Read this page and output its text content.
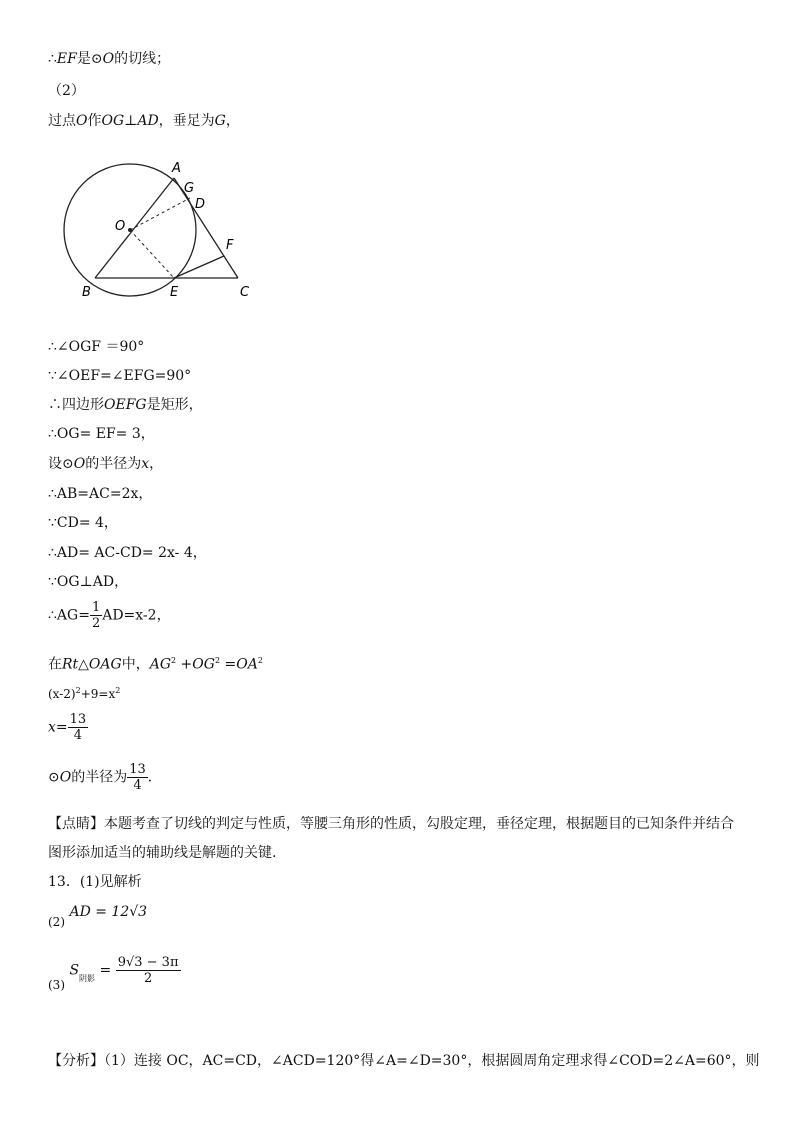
∴EF是⊙O的切线；
（2）
过点O作OG⊥AD，垂足为G，
A
G
D
O
F
B	E	C
∴∠OGF ＝90°
∵∠OEF=∠EFG=90°
∴四边形OEFG是矩形，
∴OG= EF= 3，
设⊙O的半径为x，
∴AB=AC=2x，
∵CD= 4，
∴AD= AC-CD= 2x- 4，
∵OG⊥AD，
∴AG= $\frac{1}{2} AD=x-2$，
在Rt△OAG中，$AG^2 +OG^2 =OA^2$
$(x-2)^2+9=x^2$
$x= \frac{13}{4}$
⊙O的半径为 $\frac{13}{4}$ ．
【点睛】本题考查了切线的判定与性质，等腰三角形的性质，勾股定理，垂径定理，根据题目的已知条件并结合
图形添加适当的辅助线是解题的关键.
13．(1)见解析
(2) AD = 12√3
(3) $S_{阴影} = \frac{9√3 - 3\pi}{2}$
【分析】（1）连接 OC，AC=CD，∠ACD=120°得∠A=∠D=30°，根据圆周角定理求得∠COD=2∠A=60°，则
